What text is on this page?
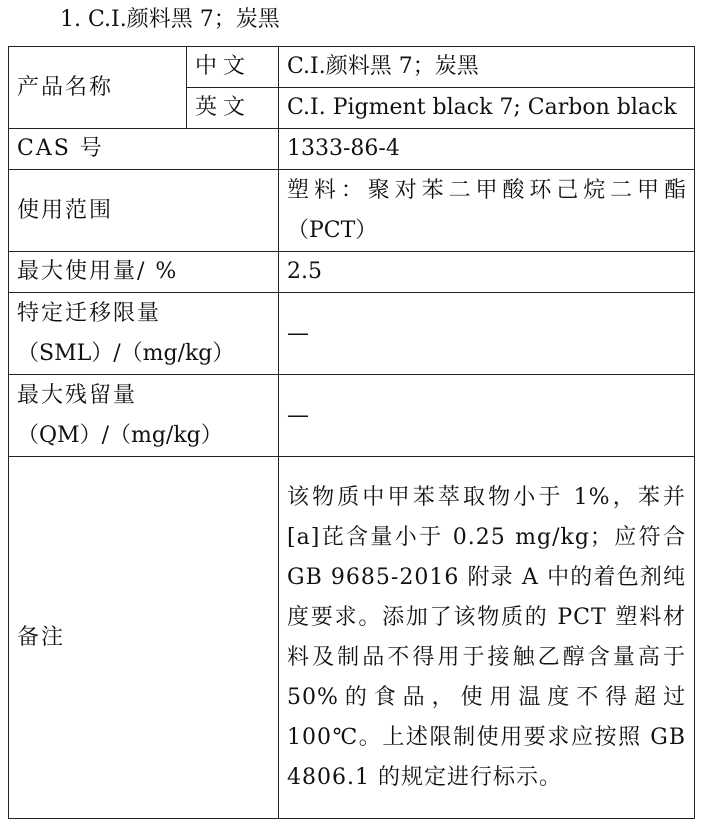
1. C.I.颜料黑 7；炭黑
产品名称	中文	C.I.颜料黑 7；炭黑
	英文	C.I. Pigment black 7; Carbon black
CAS 号		1333-86-4
使用范围		塑料：聚对苯二甲酸环己烷二甲酯（PCT）
最大使用量/ %		2.5

特定迁移限量
（SML）/（mg/kg）		—

最大残留量
（QM）/（mg/kg）		—
备注		该物质中甲苯萃取物小于 1%，苯并[a]芘含量小于 0.25 mg/kg；应符合 GB 9685-2016 附录 A 中的着色剂纯度要求。添加了该物质的 PCT 塑料材料及制品不得用于接触乙醇含量高于 50%的食品，使用温度不得超过 100℃。上述限制使用要求应按照 GB 4806.1 的规定进行标示。
